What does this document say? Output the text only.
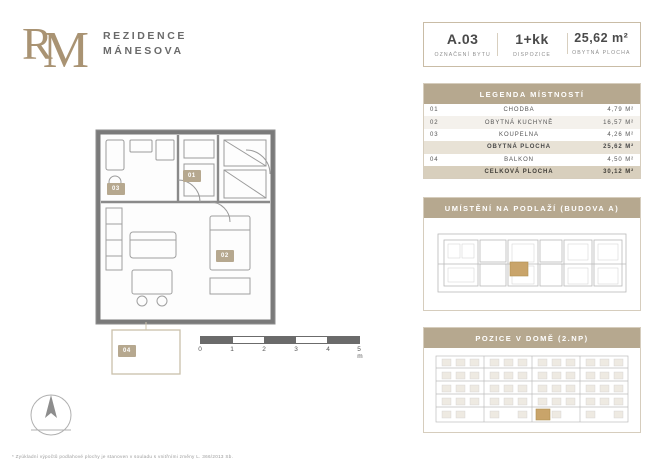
RM	REZIDENCE
MÁNESOVA
03
01
02
04	0	1	2	3	4	5 m
* Zyúkladní výpočtů podlahové plochy je stanoven v souladu s vnitřními změny L. 366/2013 Sb.
A.03
OZNAČENÍ BYTU
1+kk
DISPOZICE
25,62 m²
OBYTNÁ PLOCHA
LEGENDA MÍSTNOSTÍ
01	CHODBA	4,79 M²
02	OBYTNÁ KUCHYNĚ	16,57 M²
03	KOUPELNA	4,26 M²
	OBYTNÁ PLOCHA	25,62 M²
04	BALKON	4,50 M²
	CELKOVÁ PLOCHA	30,12 M²
UMÍSTĚNÍ NA PODLAŽÍ (BUDOVA A)
POZICE V DOMĚ (2.NP)
